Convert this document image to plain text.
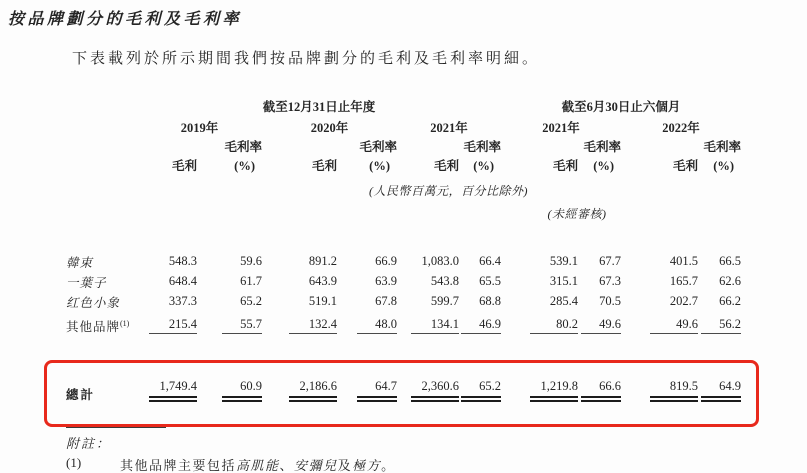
按品牌劃分的毛利及毛利率
下表載列於所示期間我們按品牌劃分的毛利及毛利率明細。
	截至12月31日止年度						截至6月30日止六個月			
	2019年		2020年		2021年		2021年		2022年	
		毛利率		毛利率		毛利率		毛利率		毛利率
	毛利	(%)	毛利	(%)	毛利	(%)	毛利	(%)	毛利	(%)

(人民幣百萬元，百分比除外)										

(未經審核)										

韓束	548.3	59.6	891.2	66.9	1,083.0	66.4	539.1	67.7	401.5	66.5
一葉子	648.4	61.7	643.9	63.9	543.8	65.5	315.1	67.3	165.7	62.6
红色小象	337.3	65.2	519.1	67.8	599.7	68.8	285.4	70.5	202.7	66.2
其他品牌$^{(1)}$	215.4	55.7	132.4	48.0	134.1	46.9	80.2	49.6	49.6	56.2

總計	1,749.4	60.9	2,186.6	64.7	2,360.6	65.2	1,219.8	66.6	819.5	64.9
附註：
(1)	其他品牌主要包括高肌能、安彌兒及極方。
